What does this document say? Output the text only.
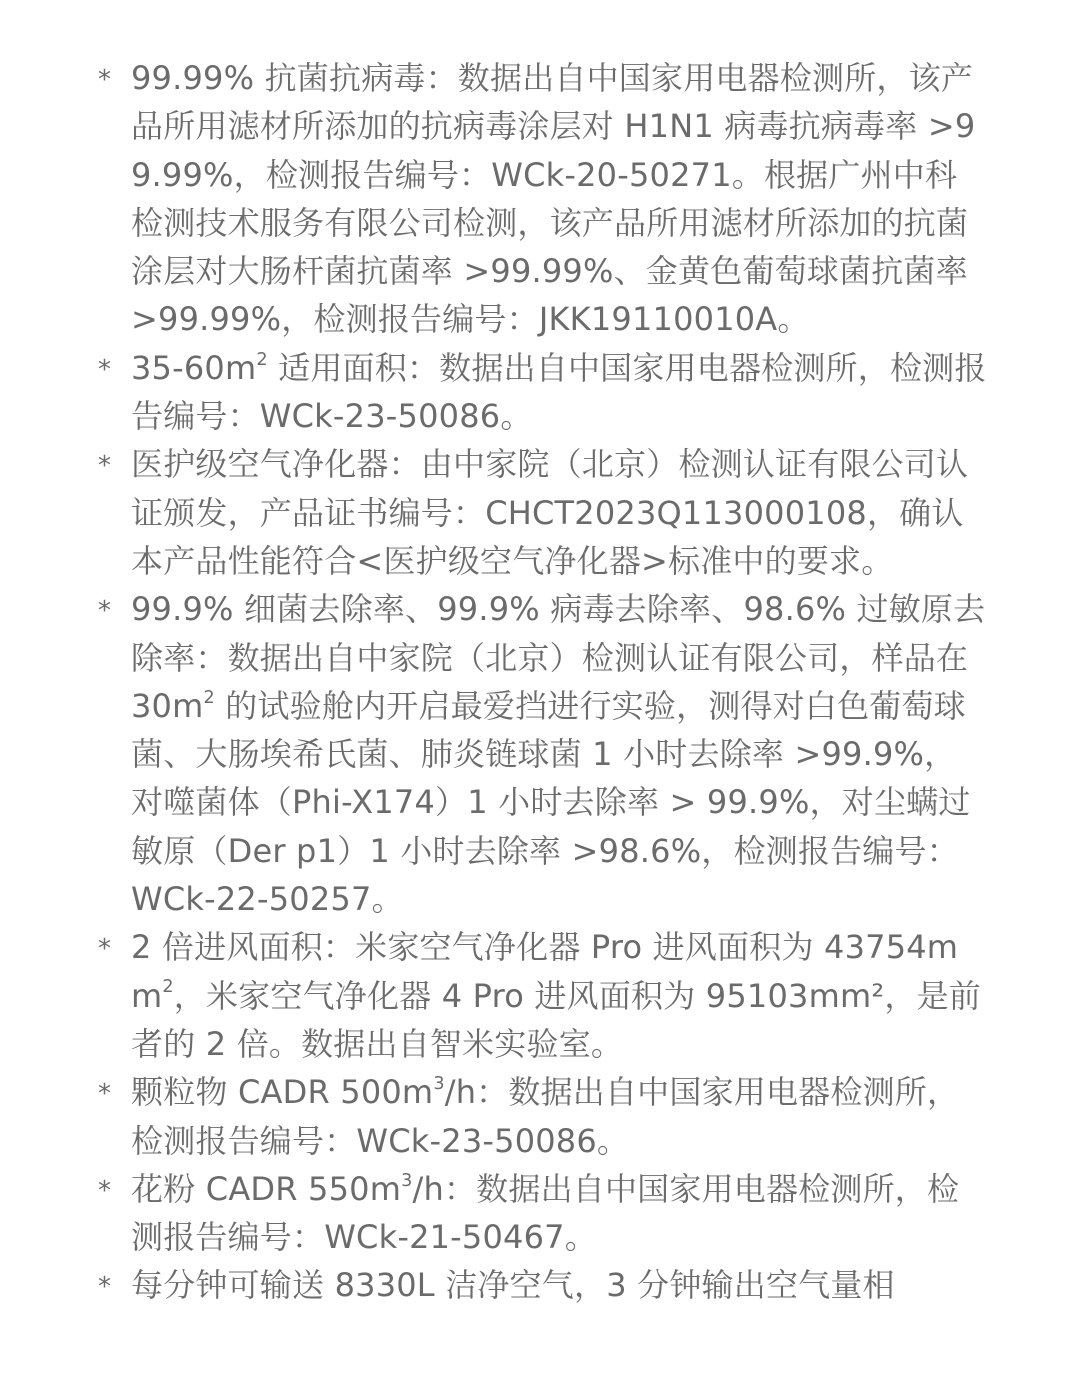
* 99.99% 抗菌抗病毒：数据出自中国家用电器检测所，该产品所用滤材所添加的抗病毒涂层对 H1N1 病毒抗病毒率 >99.99%，检测报告编号：WCk-20-50271。根据广州中科检测技术服务有限公司检测，该产品所用滤材所添加的抗菌涂层对大肠杆菌抗菌率 >99.99%、金黄色葡萄球菌抗菌率 >99.99%，检测报告编号：JKK19110010A。
* $35-60m^2$ 适用面积：数据出自中国家用电器检测所，检测报告编号：WCk-23-50086。
* 医护级空气净化器：由中家院（北京）检测认证有限公司认证颁发，产品证书编号：CHCT2023Q113000108，确认本产品性能符合<医护级空气净化器>标准中的要求。
* 99.9% 细菌去除率、99.9% 病毒去除率、98.6% 过敏原去除率：数据出自中家院（北京）检测认证有限公司，样品在 $30m^2$ 的试验舱内开启最爱挡进行实验，测得对白色葡萄球菌、大肠埃希氏菌、肺炎链球菌 1 小时去除率 >99.9%，对噬菌体（Phi-X174）1 小时去除率 > 99.9%，对尘螨过敏原（Der p1）1 小时去除率 >98.6%，检测报告编号：WCk-22-50257。
* 2 倍进风面积：米家空气净化器 Pro 进风面积为 $43754mm^2$，米家空气净化器 4 Pro 进风面积为 95103mm²，是前者的 2 倍。数据出自智米实验室。
* 颗粒物 CADR $500m^3/h$：数据出自中国家用电器检测所，检测报告编号：WCk-23-50086。
* 花粉 CADR $550m^3/h$：数据出自中国家用电器检测所，检测报告编号：WCk-21-50467。
* 每分钟可输送 8330L 洁净空气，3 分钟输出空气量相
